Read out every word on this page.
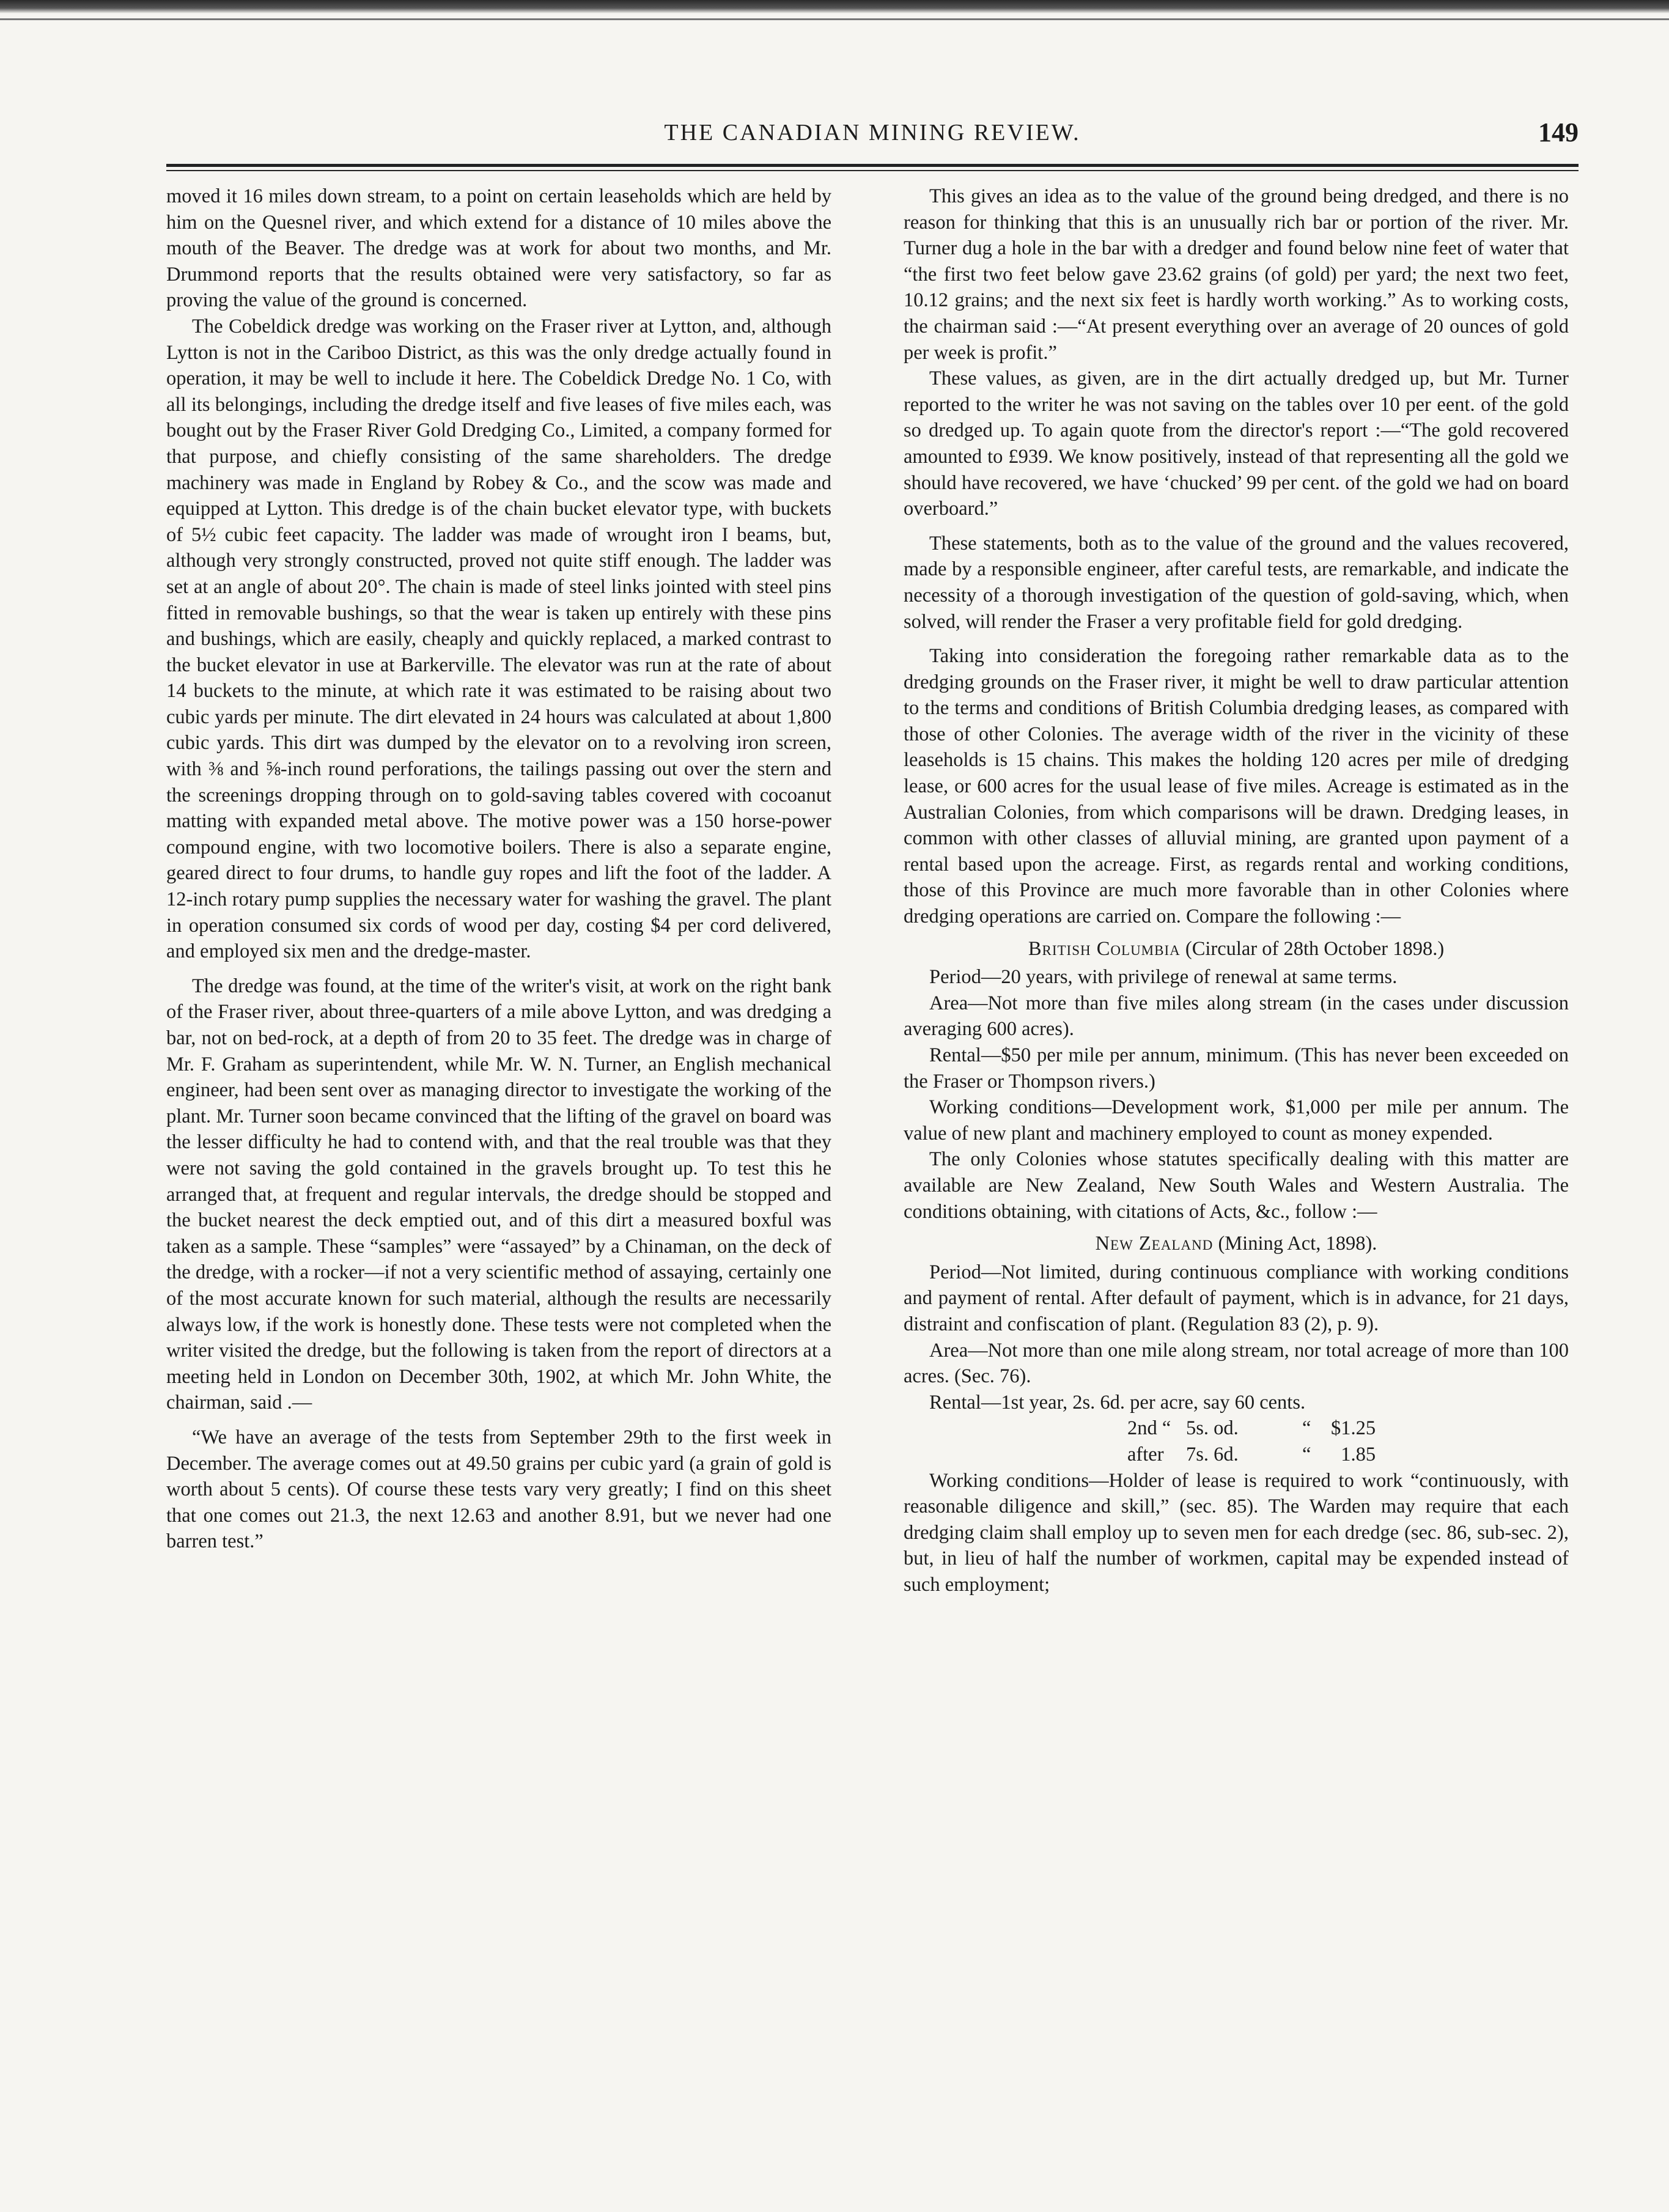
THE CANADIAN MINING REVIEW.	149

moved it 16 miles down stream, to a point on certain leaseholds which are held by him on the Quesnel river, and which extend for a distance of 10 miles above the mouth of the Beaver. The dredge was at work for about two months, and Mr. Drummond reports that the results obtained were very satisfactory, so far as proving the value of the ground is concerned.

The Cobeldick dredge was working on the Fraser river at Lytton, and, although Lytton is not in the Cariboo District, as this was the only dredge actually found in operation, it may be well to include it here. The Cobeldick Dredge No. 1 Co, with all its belongings, including the dredge itself and five leases of five miles each, was bought out by the Fraser River Gold Dredging Co., Limited, a company formed for that purpose, and chiefly consisting of the same shareholders. The dredge machinery was made in England by Robey & Co., and the scow was made and equipped at Lytton. This dredge is of the chain bucket elevator type, with buckets of 5½ cubic feet capacity. The ladder was made of wrought iron I beams, but, although very strongly constructed, proved not quite stiff enough. The ladder was set at an angle of about 20°. The chain is made of steel links jointed with steel pins fitted in removable bushings, so that the wear is taken up entirely with these pins and bushings, which are easily, cheaply and quickly replaced, a marked contrast to the bucket elevator in use at Barkerville. The elevator was run at the rate of about 14 buckets to the minute, at which rate it was estimated to be raising about two cubic yards per minute. The dirt elevated in 24 hours was calculated at about 1,800 cubic yards. This dirt was dumped by the elevator on to a revolving iron screen, with ⅜ and ⅝-inch round perforations, the tailings passing out over the stern and the screenings dropping through on to gold-saving tables covered with cocoanut matting with expanded metal above. The motive power was a 150 horse-power compound engine, with two locomotive boilers. There is also a separate engine, geared direct to four drums, to handle guy ropes and lift the foot of the ladder. A 12-inch rotary pump supplies the necessary water for washing the gravel. The plant in operation consumed six cords of wood per day, costing $4 per cord delivered, and employed six men and the dredge-master.

The dredge was found, at the time of the writer's visit, at work on the right bank of the Fraser river, about three-quarters of a mile above Lytton, and was dredging a bar, not on bed-rock, at a depth of from 20 to 35 feet. The dredge was in charge of Mr. F. Graham as superintendent, while Mr. W. N. Turner, an English mechanical engineer, had been sent over as managing director to investigate the working of the plant. Mr. Turner soon became convinced that the lifting of the gravel on board was the lesser difficulty he had to contend with, and that the real trouble was that they were not saving the gold contained in the gravels brought up. To test this he arranged that, at frequent and regular intervals, the dredge should be stopped and the bucket nearest the deck emptied out, and of this dirt a measured boxful was taken as a sample. These “samples” were “assayed” by a Chinaman, on the deck of the dredge, with a rocker—if not a very scientific method of assaying, certainly one of the most accurate known for such material, although the results are necessarily always low, if the work is honestly done. These tests were not completed when the writer visited the dredge, but the following is taken from the report of directors at a meeting held in London on December 30th, 1902, at which Mr. John White, the chairman, said .—

“We have an average of the tests from September 29th to the first week in December. The average comes out at 49.50 grains per cubic yard (a grain of gold is worth about 5 cents). Of course these tests vary very greatly; I find on this sheet that one comes out 21.3, the next 12.63 and another 8.91, but we never had one barren test.”

This gives an idea as to the value of the ground being dredged, and there is no reason for thinking that this is an unusually rich bar or portion of the river. Mr. Turner dug a hole in the bar with a dredger and found below nine feet of water that “the first two feet below gave 23.62 grains (of gold) per yard; the next two feet, 10.12 grains; and the next six feet is hardly worth working.” As to working costs, the chairman said :—“At present everything over an average of 20 ounces of gold per week is profit.”

These values, as given, are in the dirt actually dredged up, but Mr. Turner reported to the writer he was not saving on the tables over 10 per eent. of the gold so dredged up. To again quote from the director's report :—“The gold recovered amounted to £939. We know positively, instead of that representing all the gold we should have recovered, we have ‘chucked’ 99 per cent. of the gold we had on board overboard.”

These statements, both as to the value of the ground and the values recovered, made by a responsible engineer, after careful tests, are remarkable, and indicate the necessity of a thorough investigation of the question of gold-saving, which, when solved, will render the Fraser a very profitable field for gold dredging.

Taking into consideration the foregoing rather remarkable data as to the dredging grounds on the Fraser river, it might be well to draw particular attention to the terms and conditions of British Columbia dredging leases, as compared with those of other Colonies. The average width of the river in the vicinity of these leaseholds is 15 chains. This makes the holding 120 acres per mile of dredging lease, or 600 acres for the usual lease of five miles. Acreage is estimated as in the Australian Colonies, from which comparisons will be drawn. Dredging leases, in common with other classes of alluvial mining, are granted upon payment of a rental based upon the acreage. First, as regards rental and working conditions, those of this Province are much more favorable than in other Colonies where dredging operations are carried on. Compare the following :—

British Columbia (Circular of 28th October 1898.)

Period—20 years, with privilege of renewal at same terms.

Area—Not more than five miles along stream (in the cases under discussion averaging 600 acres).

Rental—$50 per mile per annum, minimum. (This has never been exceeded on the Fraser or Thompson rivers.)

Working conditions—Development work, $1,000 per mile per annum. The value of new plant and machinery employed to count as money expended.

The only Colonies whose statutes specifically dealing with this matter are available are New Zealand, New South Wales and Western Australia. The conditions obtaining, with citations of Acts, &c., follow :—

New Zealand (Mining Act, 1898).

Period—Not limited, during continuous compliance with working conditions and payment of rental. After default of payment, which is in advance, for 21 days, distraint and confiscation of plant. (Regulation 83 (2), p. 9).

Area—Not more than one mile along stream, nor total acreage of more than 100 acres. (Sec. 76).

Rental—1st year, 2s. 6d. per acre, say 60 cents.

2nd “ 5s. od.	“ $1.25
after	7s. 6d.	“ 1.85

Working conditions—Holder of lease is required to work “continuously, with reasonable diligence and skill,” (sec. 85). The Warden may require that each dredging claim shall employ up to seven men for each dredge (sec. 86, sub-sec. 2), but, in lieu of half the number of workmen, capital may be expended instead of such employment;
